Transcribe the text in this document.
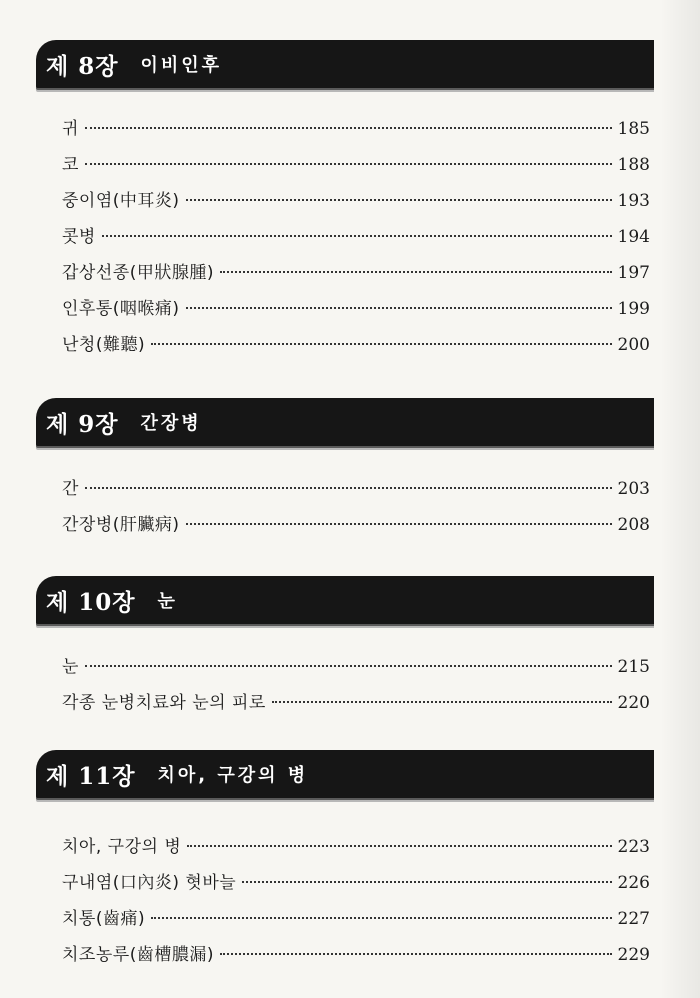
제 8장 이비인후
귀	185
코	188
중이염(中耳炎)	193
콧병	194
갑상선종(甲狀腺腫)	197
인후통(咽喉痛)	199
난청(難聽)	200
제 9장 간장병
간	203
간장병(肝臟病)	208
제 10장 눈
눈	215
각종 눈병치료와 눈의 피로	220
제 11장 치아, 구강의 병
치아, 구강의 병	223
구내염(口內炎) 혓바늘	226
치통(齒痛)	227
치조농루(齒槽膿漏)	229
